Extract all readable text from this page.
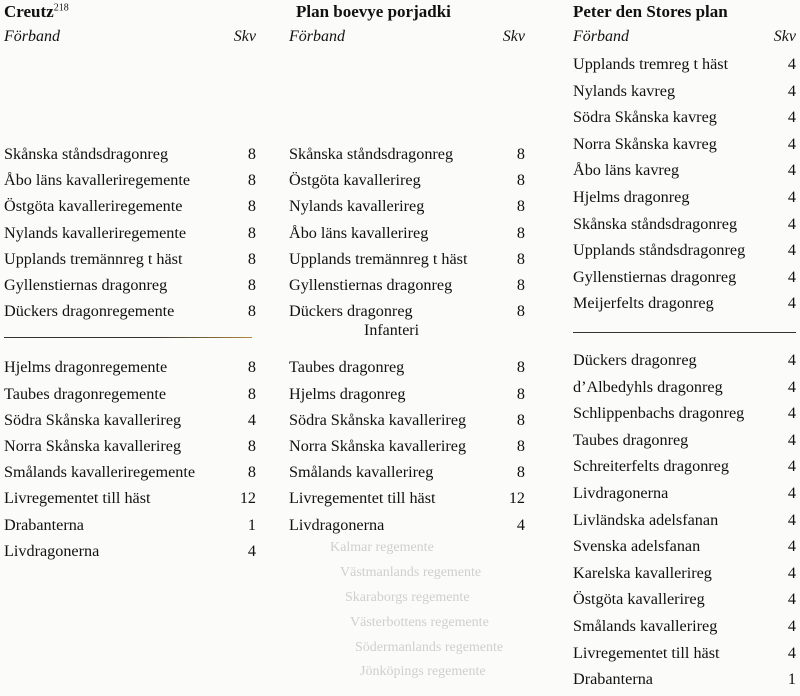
Kalmar regemente
Västmanlands regemente
Skaraborgs regemente
Västerbottens regemente
Södermanlands regemente
Jönköpings regemente
Creutz$^{218}$
Förband	Skv
Skånska ståndsdragonreg	8
Åbo läns kavalleriregemente	8
Östgöta kavalleriregemente	8
Nylands kavalleriregemente	8
Upplands tremännreg t häst	8
Gyllenstiernas dragonreg	8
Dückers dragonregemente	8
Hjelms dragonregemente	8
Taubes dragonregemente	8
Södra Skånska kavallerireg	4
Norra Skånska kavallerireg	8
Smålands kavalleriregemente	8
Livregementet till häst	12
Drabanterna	1
Livdragonerna	4
Plan boevye porjadki
Förband	Skv
Skånska ståndsdragonreg	8
Östgöta kavallerireg	8
Nylands kavallerireg	8
Åbo läns kavallerireg	8
Upplands tremännreg t häst	8
Gyllenstiernas dragonreg	8
Dückers dragonreg	8
Taubes dragonreg	8
Hjelms dragonreg	8
Södra Skånska kavallerireg	8
Norra Skånska kavallerireg	8
Smålands kavallerireg	8
Livregementet till häst	12
Livdragonerna	4
Peter den Stores plan
Förband	Skv
Upplands tremreg t häst	4
Nylands kavreg	4
Södra Skånska kavreg	4
Norra Skånska kavreg	4
Åbo läns kavreg	4
Hjelms dragonreg	4
Skånska ståndsdragonreg	4
Upplands ståndsdragonreg	4
Gyllenstiernas dragonreg	4
Meijerfelts dragonreg	4
Dückers dragonreg	4
d’Albedyhls dragonreg	4
Schlippenbachs dragonreg	4
Taubes dragonreg	4
Schreiterfelts dragonreg	4
Livdragonerna	4
Livländska adelsfanan	4
Svenska adelsfanan	4
Karelska kavallerireg	4
Östgöta kavallerireg	4
Smålands kavallerireg	4
Livregementet till häst	4
Drabanterna	1
Infanteri
